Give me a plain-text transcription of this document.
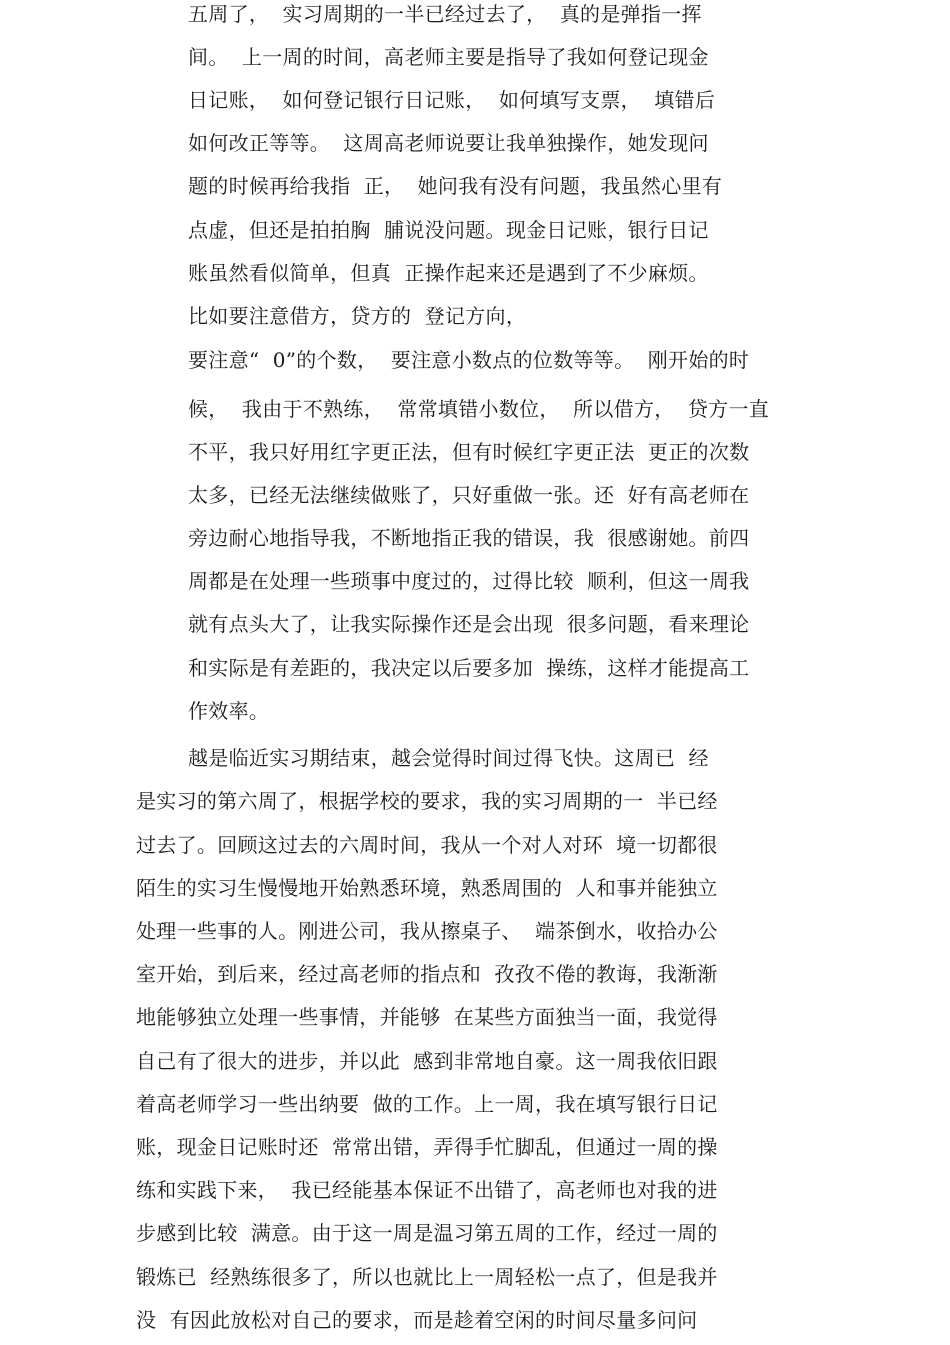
五周了，  实习周期的一半已经过去了，  真的是弹指一挥
间。  上一周的时间，高老师主要是指导了我如何登记现金
日记账，  如何登记银行日记账，  如何填写支票，  填错后
如何改正等等。  这周高老师说要让我单独操作，她发现问
题的时候再给我指  正，  她问我有没有问题，我虽然心里有
点虚，但还是拍拍胸  脯说没问题。现金日记账，银行日记
账虽然看似简单，但真  正操作起来还是遇到了不少麻烦。
比如要注意借方，贷方的  登记方向，
要注意“  0”的个数，  要注意小数点的位数等等。  刚开始的时
候，  我由于不熟练，  常常填错小数位，  所以借方，  贷方一直
不平，我只好用红字更正法，但有时候红字更正法  更正的次数
太多，已经无法继续做账了，只好重做一张。还  好有高老师在
旁边耐心地指导我，不断地指正我的错误，我  很感谢她。前四
周都是在处理一些琐事中度过的，过得比较  顺利，但这一周我
就有点头大了，让我实际操作还是会出现  很多问题，看来理论
和实际是有差距的，我决定以后要多加  操练，这样才能提高工
作效率。
越是临近实习期结束，越会觉得时间过得飞快。这周已  经
是实习的第六周了，根据学校的要求，我的实习周期的一  半已经
过去了。回顾这过去的六周时间，我从一个对人对环  境一切都很
陌生的实习生慢慢地开始熟悉环境，熟悉周围的  人和事并能独立
处理一些事的人。刚进公司，我从擦桌子、  端茶倒水，收拾办公
室开始，到后来，经过高老师的指点和  孜孜不倦的教诲，我渐渐
地能够独立处理一些事情，并能够  在某些方面独当一面，我觉得
自己有了很大的进步，并以此  感到非常地自豪。这一周我依旧跟
着高老师学习一些出纳要  做的工作。上一周，我在填写银行日记
账，现金日记账时还  常常出错，弄得手忙脚乱，但通过一周的操
练和实践下来，  我已经能基本保证不出错了，高老师也对我的进
步感到比较  满意。由于这一周是温习第五周的工作，经过一周的
锻炼已  经熟练很多了，所以也就比上一周轻松一点了，但是我并
没  有因此放松对自己的要求，而是趁着空闲的时间尽量多问问
